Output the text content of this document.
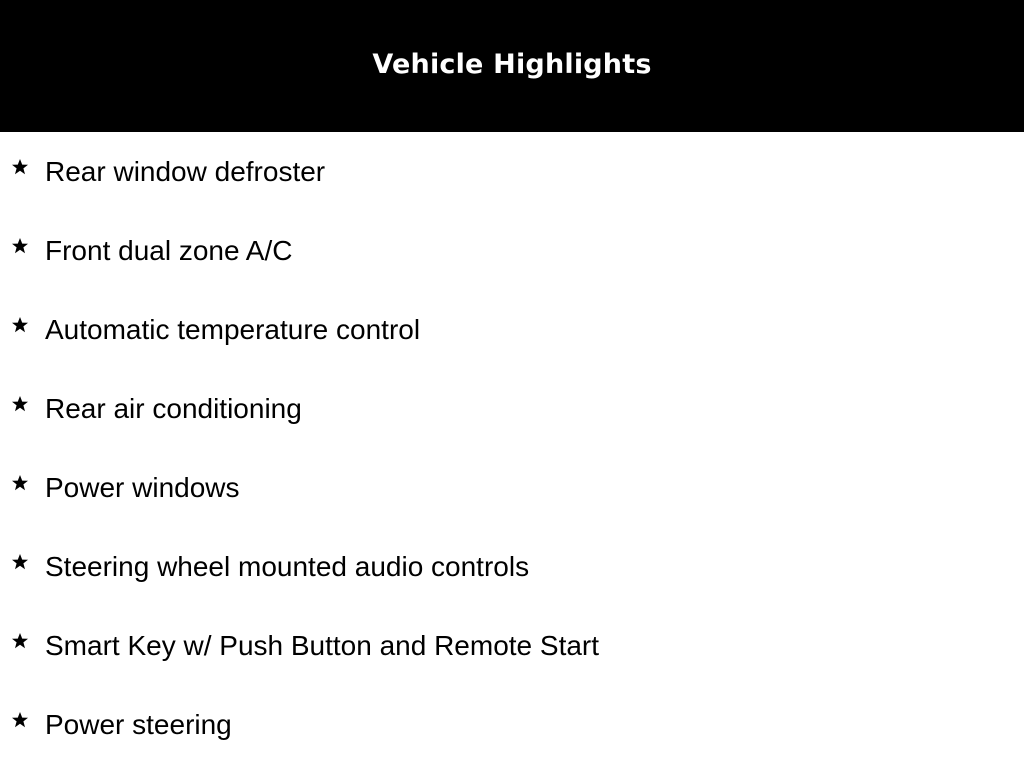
Vehicle Highlights
Rear window defroster
Front dual zone A/C
Automatic temperature control
Rear air conditioning
Power windows
Steering wheel mounted audio controls
Smart Key w/ Push Button and Remote Start
Power steering
